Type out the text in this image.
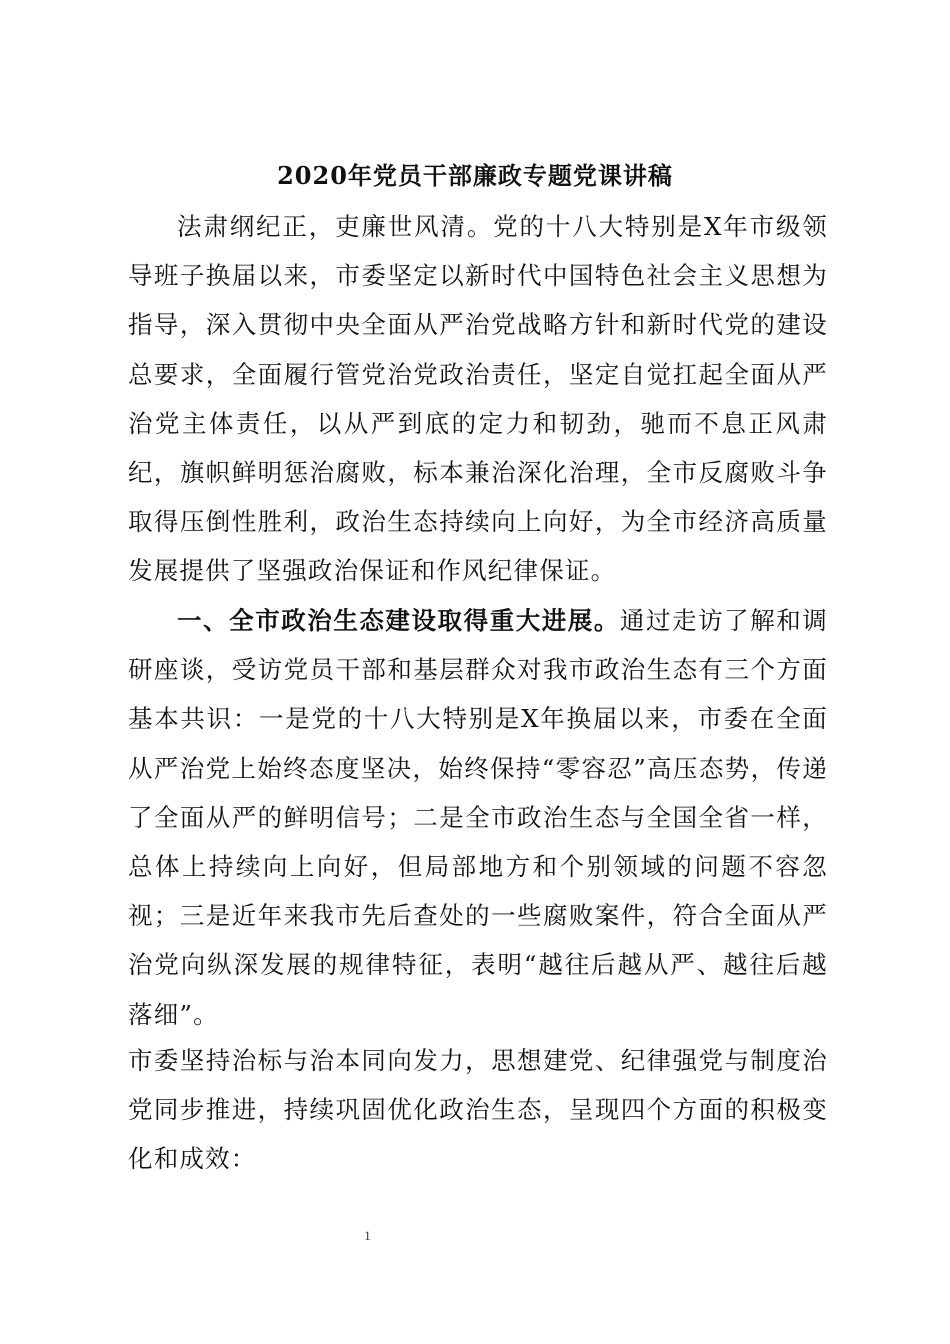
2020年党员干部廉政专题党课讲稿
法肃纲纪正，吏廉世风清。党的十八大特别是X年市级领导班子换届以来，市委坚定以新时代中国特色社会主义思想为指导，深入贯彻中央全面从严治党战略方针和新时代党的建设总要求，全面履行管党治党政治责任，坚定自觉扛起全面从严治党主体责任，以从严到底的定力和韧劲，驰而不息正风肃纪，旗帜鲜明惩治腐败，标本兼治深化治理，全市反腐败斗争取得压倒性胜利，政治生态持续向上向好，为全市经济高质量发展提供了坚强政治保证和作风纪律保证。
一、全市政治生态建设取得重大进展。通过走访了解和调研座谈，受访党员干部和基层群众对我市政治生态有三个方面基本共识：一是党的十八大特别是X年换届以来，市委在全面从严治党上始终态度坚决，始终保持“零容忍”高压态势，传递了全面从严的鲜明信号；二是全市政治生态与全国全省一样，总体上持续向上向好，但局部地方和个别领域的问题不容忽视；三是近年来我市先后查处的一些腐败案件，符合全面从严治党向纵深发展的规律特征，表明“越往后越从严、越往后越落细”。
市委坚持治标与治本同向发力，思想建党、纪律强党与制度治党同步推进，持续巩固优化政治生态，呈现四个方面的积极变化和成效：
1
